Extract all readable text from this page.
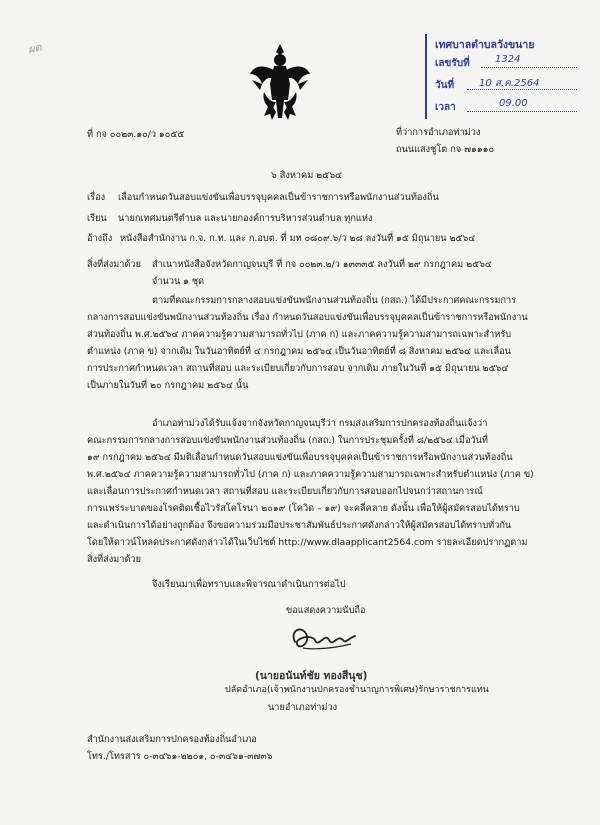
ผต	เทศบาลตำบลวังขนาย
เลขรับที่	1324
วันที่ 10 ส.ค.2564
เวลา	09.00
ที่ กจ ๐๐๒๓.๑๐/ว ๑๐๕๕	ที่ว่าการอำเภอท่าม่วง
ถนนแสงชูโต กจ ๗๑๑๑๐
๖ สิงหาคม ๒๕๖๔
เรื่อง เลื่อนกำหนดวันสอบแข่งขันเพื่อบรรจุบุคคลเป็นข้าราชการหรือพนักงานส่วนท้องถิ่น
เรียน นายกเทศมนตรีตำบล และนายกองค์การบริหารส่วนตำบล ทุกแห่ง
อ้างถึง หนังสือสำนักงาน ก.จ. ก.ท. และ ก.อบต. ที่ มท ๐๘๐๙.๖/ว ๒๘ ลงวันที่ ๑๕ มิถุนายน ๒๕๖๔
สิ่งที่ส่งมาด้วย สำเนาหนังสือจังหวัดกาญจนบุรี ที่ กจ ๐๐๒๓.๒/ว ๑๓๓๓๕ ลงวันที่ ๒๙ กรกฎาคม ๒๕๖๔
จำนวน ๑ ชุด
ตามที่คณะกรรมการกลางสอบแข่งขันพนักงานส่วนท้องถิ่น (กสถ.) ได้มีประกาศคณะกรรมการ
กลางการสอบแข่งขันพนักงานส่วนท้องถิ่น เรื่อง กำหนดวันสอบแข่งขันเพื่อบรรจุบุคคลเป็นข้าราชการหรือพนักงาน
ส่วนท้องถิ่น พ.ศ.๒๕๖๔ ภาคความรู้ความสามารถทั่วไป (ภาค ก) และภาคความรู้ความสามารถเฉพาะสำหรับ
ตำแหน่ง (ภาค ข) จากเดิม ในวันอาทิตย์ที่ ๔ กรกฎาคม ๒๕๖๔ เป็นวันอาทิตย์ที่ ๘ สิงหาคม ๒๕๖๔ และเลื่อน
การประกาศกำหนดเวลา สถานที่สอบ และระเบียบเกี่ยวกับการสอบ จากเดิม ภายในวันที่ ๑๕ มิถุนายน ๒๕๖๔
เป็นภายในวันที่ ๒๐ กรกฎาคม ๒๕๖๔ นั้น
อำเภอท่าม่วงได้รับแจ้งจากจังหวัดกาญจนบุรีว่า กรมส่งเสริมการปกครองท้องถิ่นแจ้งว่า
คณะกรรมการกลางการสอบแข่งขันพนักงานส่วนท้องถิ่น (กสถ.) ในการประชุมครั้งที่ ๘/๒๕๖๔ เมื่อวันที่
๑๙ กรกฎาคม ๒๕๖๔ มีมติเลื่อนกำหนดวันสอบแข่งขันเพื่อบรรจุบุคคลเป็นข้าราชการหรือพนักงานส่วนท้องถิ่น
พ.ศ.๒๕๖๔ ภาคความรู้ความสามารถทั่วไป (ภาค ก) และภาคความรู้ความสามารถเฉพาะสำหรับตำแหน่ง (ภาค ข)
และเลื่อนการประกาศกำหนดเวลา สถานที่สอบ และระเบียบเกี่ยวกับการสอบออกไปจนกว่าสถานการณ์
การแพร่ระบาดของโรคติดเชื้อไวรัสโคโรนา ๒๐๑๙ (โควิด – ๑๙) จะคลี่คลาย ดังนั้น เพื่อให้ผู้สมัครสอบได้ทราบ
และดำเนินการได้อย่างถูกต้อง จึงขอความร่วมมือประชาสัมพันธ์ประกาศดังกล่าวให้ผู้สมัครสอบได้ทราบทั่วกัน
โดยให้ดาวน์โหลดประกาศดังกล่าวได้ในเว็บไซต์ http://www.dlaapplicant2564.com รายละเอียดปรากฏตาม
สิ่งที่ส่งมาด้วย
จึงเรียนมาเพื่อทราบและพิจารณาดำเนินการต่อไป
ขอแสดงความนับถือ
(นายอนันท์ชัย ทองสีนุช)
ปลัดอำเภอ(เจ้าพนักงานปกครองชำนาญการพิเศษ)รักษาราชการแทน
นายอำเภอท่าม่วง
สำนักงานส่งเสริมการปกครองท้องถิ่นอำเภอ
โทร./โทรสาร ๐-๓๔๖๑-๒๒๐๑, ๐-๓๔๖๑-๓๗๓๖
